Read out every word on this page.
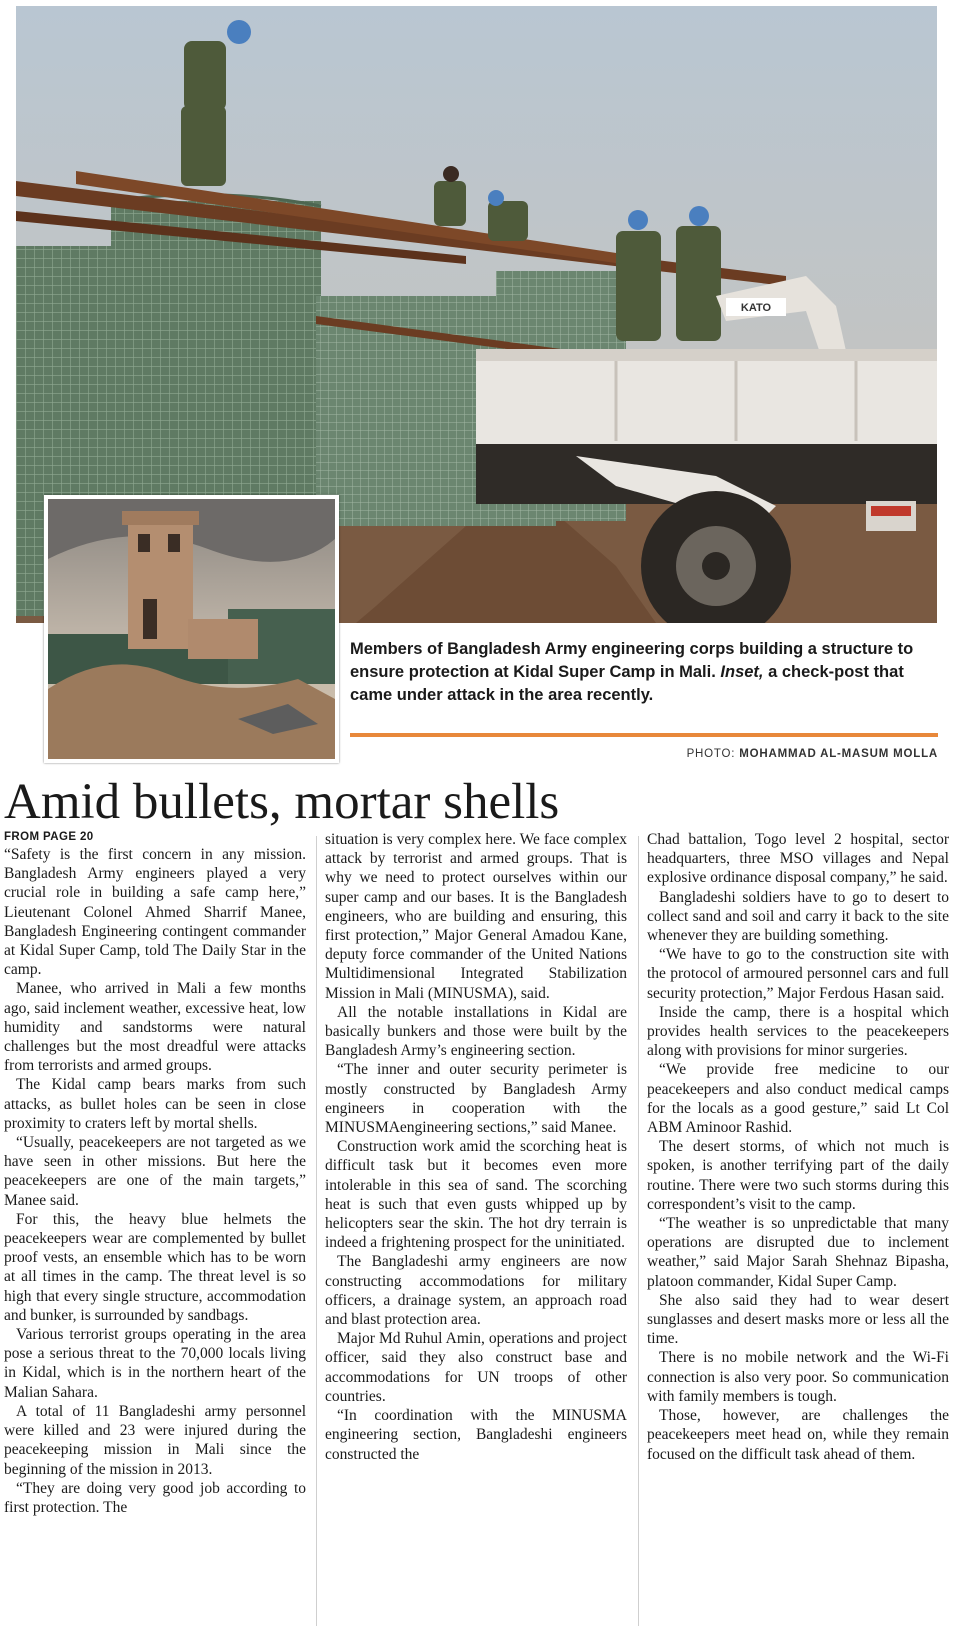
KATO
Members of Bangladesh Army engineering corps building a structure to ensure protection at Kidal Super Camp in Mali. Inset, a check-post that came under attack in the area recently.
PHOTO: MOHAMMAD AL-MASUM MOLLA
Amid bullets, mortar shells

FROM PAGE 20

“Safety is the first concern in any mission. Bangladesh Army engineers played a very crucial role in building a safe camp here,” Lieutenant Colonel Ahmed Sharrif Manee, Bangladesh Engineering contingent commander at Kidal Super Camp, told The Daily Star in the camp.

Manee, who arrived in Mali a few months ago, said inclement weather, excessive heat, low humidity and sandstorms were natural challenges but the most dreadful were attacks from terrorists and armed groups.

The Kidal camp bears marks from such attacks, as bullet holes can be seen in close proximity to craters left by mortal shells.

“Usually, peacekeepers are not targeted as we have seen in other missions. But here the peacekeepers are one of the main targets,” Manee said.

For this, the heavy blue helmets the peacekeepers wear are complemented by bullet proof vests, an ensemble which has to be worn at all times in the camp. The threat level is so high that every single structure, accommodation and bunker, is surrounded by sandbags.

Various terrorist groups operating in the area pose a serious threat to the 70,000 locals living in Kidal, which is in the northern heart of the Malian Sahara.

A total of 11 Bangladeshi army personnel were killed and 23 were injured during the peacekeeping mission in Mali since the beginning of the mission in 2013.

“They are doing very good job according to first protection. The

situation is very complex here. We face complex attack by terrorist and armed groups. That is why we need to protect ourselves within our super camp and our bases. It is the Bangladesh engineers, who are building and ensuring, this first protection,” Major General Amadou Kane, deputy force commander of the United Nations Multidimensional Integrated Stabilization Mission in Mali (MINUSMA), said.

All the notable installations in Kidal are basically bunkers and those were built by the Bangladesh Army’s engineering section.

“The inner and outer security perimeter is mostly constructed by Bangladesh Army engineers in cooperation with the MINUSMAengineering sections,” said Manee.

Construction work amid the scorching heat is difficult task but it becomes even more intolerable in this sea of sand. The scorching heat is such that even gusts whipped up by helicopters sear the skin. The hot dry terrain is indeed a frightening prospect for the uninitiated.

The Bangladeshi army engineers are now constructing accommodations for military officers, a drainage system, an approach road and blast protection area.

Major Md Ruhul Amin, operations and project officer, said they also construct base and accommodations for UN troops of other countries.

“In coordination with the MINUSMA engineering section, Bangladeshi engineers constructed the

Chad battalion, Togo level 2 hospital, sector headquarters, three MSO villages and Nepal explosive ordinance disposal company,” he said.

Bangladeshi soldiers have to go to desert to collect sand and soil and carry it back to the site whenever they are building something.

“We have to go to the construction site with the protocol of armoured personnel cars and full security protection,” Major Ferdous Hasan said.

Inside the camp, there is a hospital which provides health services to the peacekeepers along with provisions for minor surgeries.

“We provide free medicine to our peacekeepers and also conduct medical camps for the locals as a good gesture,” said Lt Col ABM Aminoor Rashid.

The desert storms, of which not much is spoken, is another terrifying part of the daily routine. There were two such storms during this correspondent’s visit to the camp.

“The weather is so unpredictable that many operations are disrupted due to inclement weather,” said Major Sarah Shehnaz Bipasha, platoon commander, Kidal Super Camp.

She also said they had to wear desert sunglasses and desert masks more or less all the time.

There is no mobile network and the Wi-Fi connection is also very poor. So communication with family members is tough.

Those, however, are challenges the peacekeepers meet head on, while they remain focused on the difficult task ahead of them.
